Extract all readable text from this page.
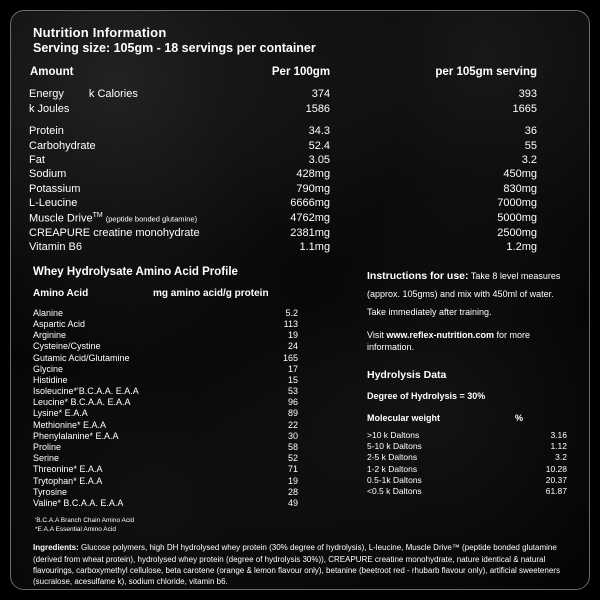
Nutrition Information
Serving size: 105gm - 18 servings per container
Amount	Per 100gm	per 105gm serving
Energy k Calories	374	393
k Joules	1586	1665

Protein	34.3	36
Carbohydrate	52.4	55
Fat	3.05	3.2
Sodium	428mg	450mg
Potassium	790mg	830mg
L-Leucine	6666mg	7000mg
Muscle Drive™ (peptide bonded glutamine)	4762mg	5000mg
CREAPURE creatine monohydrate	2381mg	2500mg
Vitamin B6	1.1mg	1.2mg
Whey Hydrolysate Amino Acid Profile
Amino Acid	mg amino acid/g protein
Alanine	5.2
Aspartic Acid	113
Arginine	19
Cysteine/Cystine	24
Gutamic Acid/Glutamine	165
Glycine	17
Histidine	15
Isoleucine*'B.C.A.A. E.A.A	53
Leucine* B.C.A.A. E.A.A	96
Lysine* E.A.A	89
Methionine* E.A.A	22
Phenylalanine* E.A.A	30
Proline	58
Serine	52
Threonine* E.A.A	71
Trytophan* E.A.A	19
Tyrosine	28
Valine* B.C.A.A. E.A.A	49
'B.C.A.A Branch Chain Amino Acid
*E.A.A Essential Amino Acid
Instructions for use: Take 8 level measures (approx. 105gms) and mix with 450ml of water. Take immediately after training.
Visit www.reflex-nutrition.com for more information.
Hydrolysis Data
Degree of Hydrolysis = 30%
Molecular weight	%
>10 k Daltons	3.16
5-10 k Daltons	1.12
2-5 k Daltons	3.2
1-2 k Daltons	10.28
0.5-1k Daltons	20.37
<0.5 k Daltons	61.87
Ingredients: Glucose polymers, high DH hydrolysed whey protein (30% degree of hydrolysis), L-leucine, Muscle Drive™ (peptide bonded glutamine (derived from wheat protein), hydrolysed whey protein (degree of hydrolysis 30%)), CREAPURE creatine monohydrate, nature identical & natural flavourings, carboxymethyl cellulose, beta carotene (orange & lemon flavour only), betanine (beetroot red - rhubarb flavour only), artificial sweeteners (sucralose, acesulfame k), sodium chloride, vitamin b6.
